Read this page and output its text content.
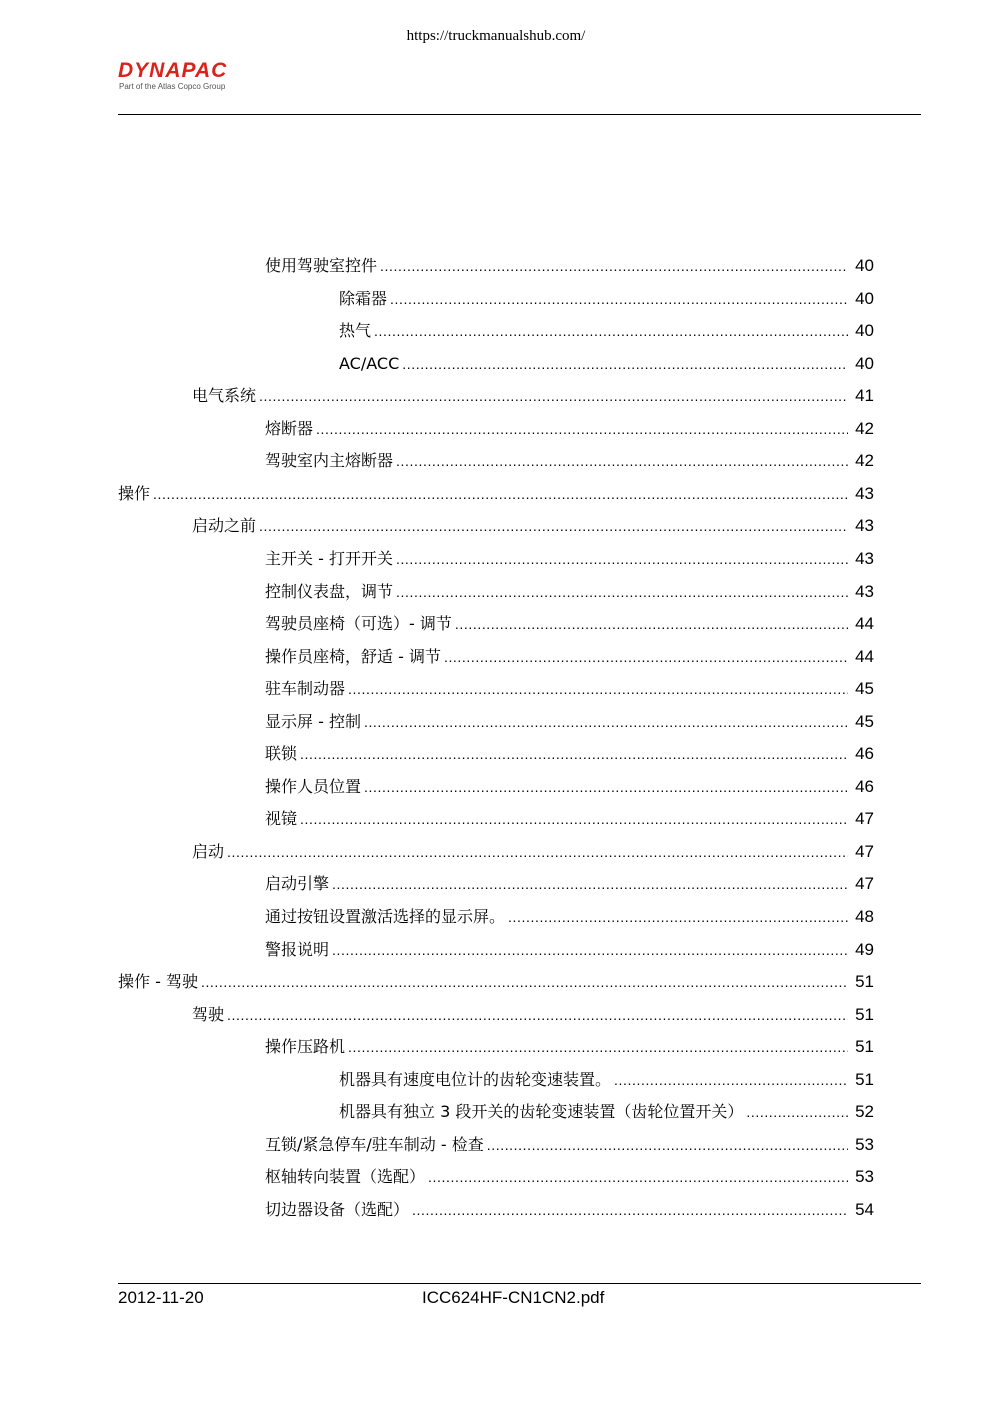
https://truckmanualshub.com/
DYNAPAC
Part of the Atlas Copco Group
使用驾驶室控件 .....	40
除霜器 .....	40
热气 .....	40
AC/ACC .....	40
电气系统 .....	41
熔断器 .....	42
驾驶室内主熔断器 .....	42
操作 .....	43
启动之前 .....	43
主开关 - 打开开关 .....	43
控制仪表盘，调节 .....	43
驾驶员座椅（可选）- 调节 .....	44
操作员座椅，舒适 - 调节 .....	44
驻车制动器 .....	45
显示屏 - 控制 .....	45
联锁 .....	46
操作人员位置 .....	46
视镜 .....	47
启动 .....	47
启动引擎 .....	47
通过按钮设置激活选择的显示屏。 .....	48
警报说明 .....	49
操作 - 驾驶 .....	51
驾驶 .....	51
操作压路机 .....	51
机器具有速度电位计的齿轮变速装置。 .....	51
机器具有独立 3 段开关的齿轮变速装置（齿轮位置开关） .....	52
互锁/紧急停车/驻车制动 - 检查 .....	53
枢轴转向装置（选配） .....	53
切边器设备（选配） .....	54
2012-11-20	ICC624HF-CN1CN2.pdf
